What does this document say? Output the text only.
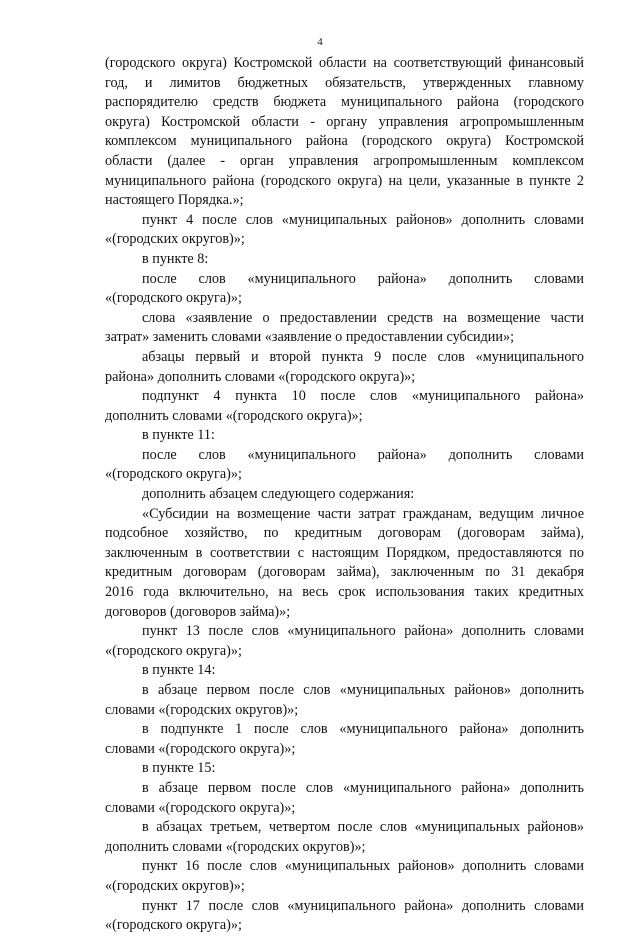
4
(городского округа) Костромской области на соответствующий финансовый
год, и лимитов бюджетных обязательств, утвержденных главному
распорядителю средств бюджета муниципального района (городского
округа) Костромской области - органу управления агропромышленным
комплексом муниципального района (городского округа) Костромской
области (далее - орган управления агропромышленным комплексом
муниципального района (городского округа) на цели, указанные в пункте 2
настоящего Порядка.»;
пункт 4 после слов «муниципальных районов» дополнить словами
«(городских округов)»;
в пункте 8:
после слов «муниципального района» дополнить словами
«(городского округа)»;
слова «заявление о предоставлении средств на возмещение части
затрат» заменить словами «заявление о предоставлении субсидии»;
абзацы первый и второй пункта 9 после слов «муниципального
района» дополнить словами «(городского округа)»;
подпункт 4 пункта 10 после слов «муниципального района»
дополнить словами «(городского округа)»;
в пункте 11:
после слов «муниципального района» дополнить словами
«(городского округа)»;
дополнить абзацем следующего содержания:
«Субсидии на возмещение части затрат гражданам, ведущим личное
подсобное хозяйство, по кредитным договорам (договорам займа),
заключенным в соответствии с настоящим Порядком, предоставляются по
кредитным договорам (договорам займа), заключенным по 31 декабря
2016 года включительно, на весь срок использования таких кредитных
договоров (договоров займа)»;
пункт 13 после слов «муниципального района» дополнить словами
«(городского округа)»;
в пункте 14:
в абзаце первом после слов «муниципальных районов» дополнить
словами «(городских округов)»;
в подпункте 1 после слов «муниципального района» дополнить
словами «(городского округа)»;
в пункте 15:
в абзаце первом после слов «муниципального района» дополнить
словами «(городского округа)»;
в абзацах третьем, четвертом после слов «муниципальных районов»
дополнить словами «(городских округов)»;
пункт 16 после слов «муниципальных районов» дополнить словами
«(городских округов)»;
пункт 17 после слов «муниципального района» дополнить словами
«(городского округа)»;
